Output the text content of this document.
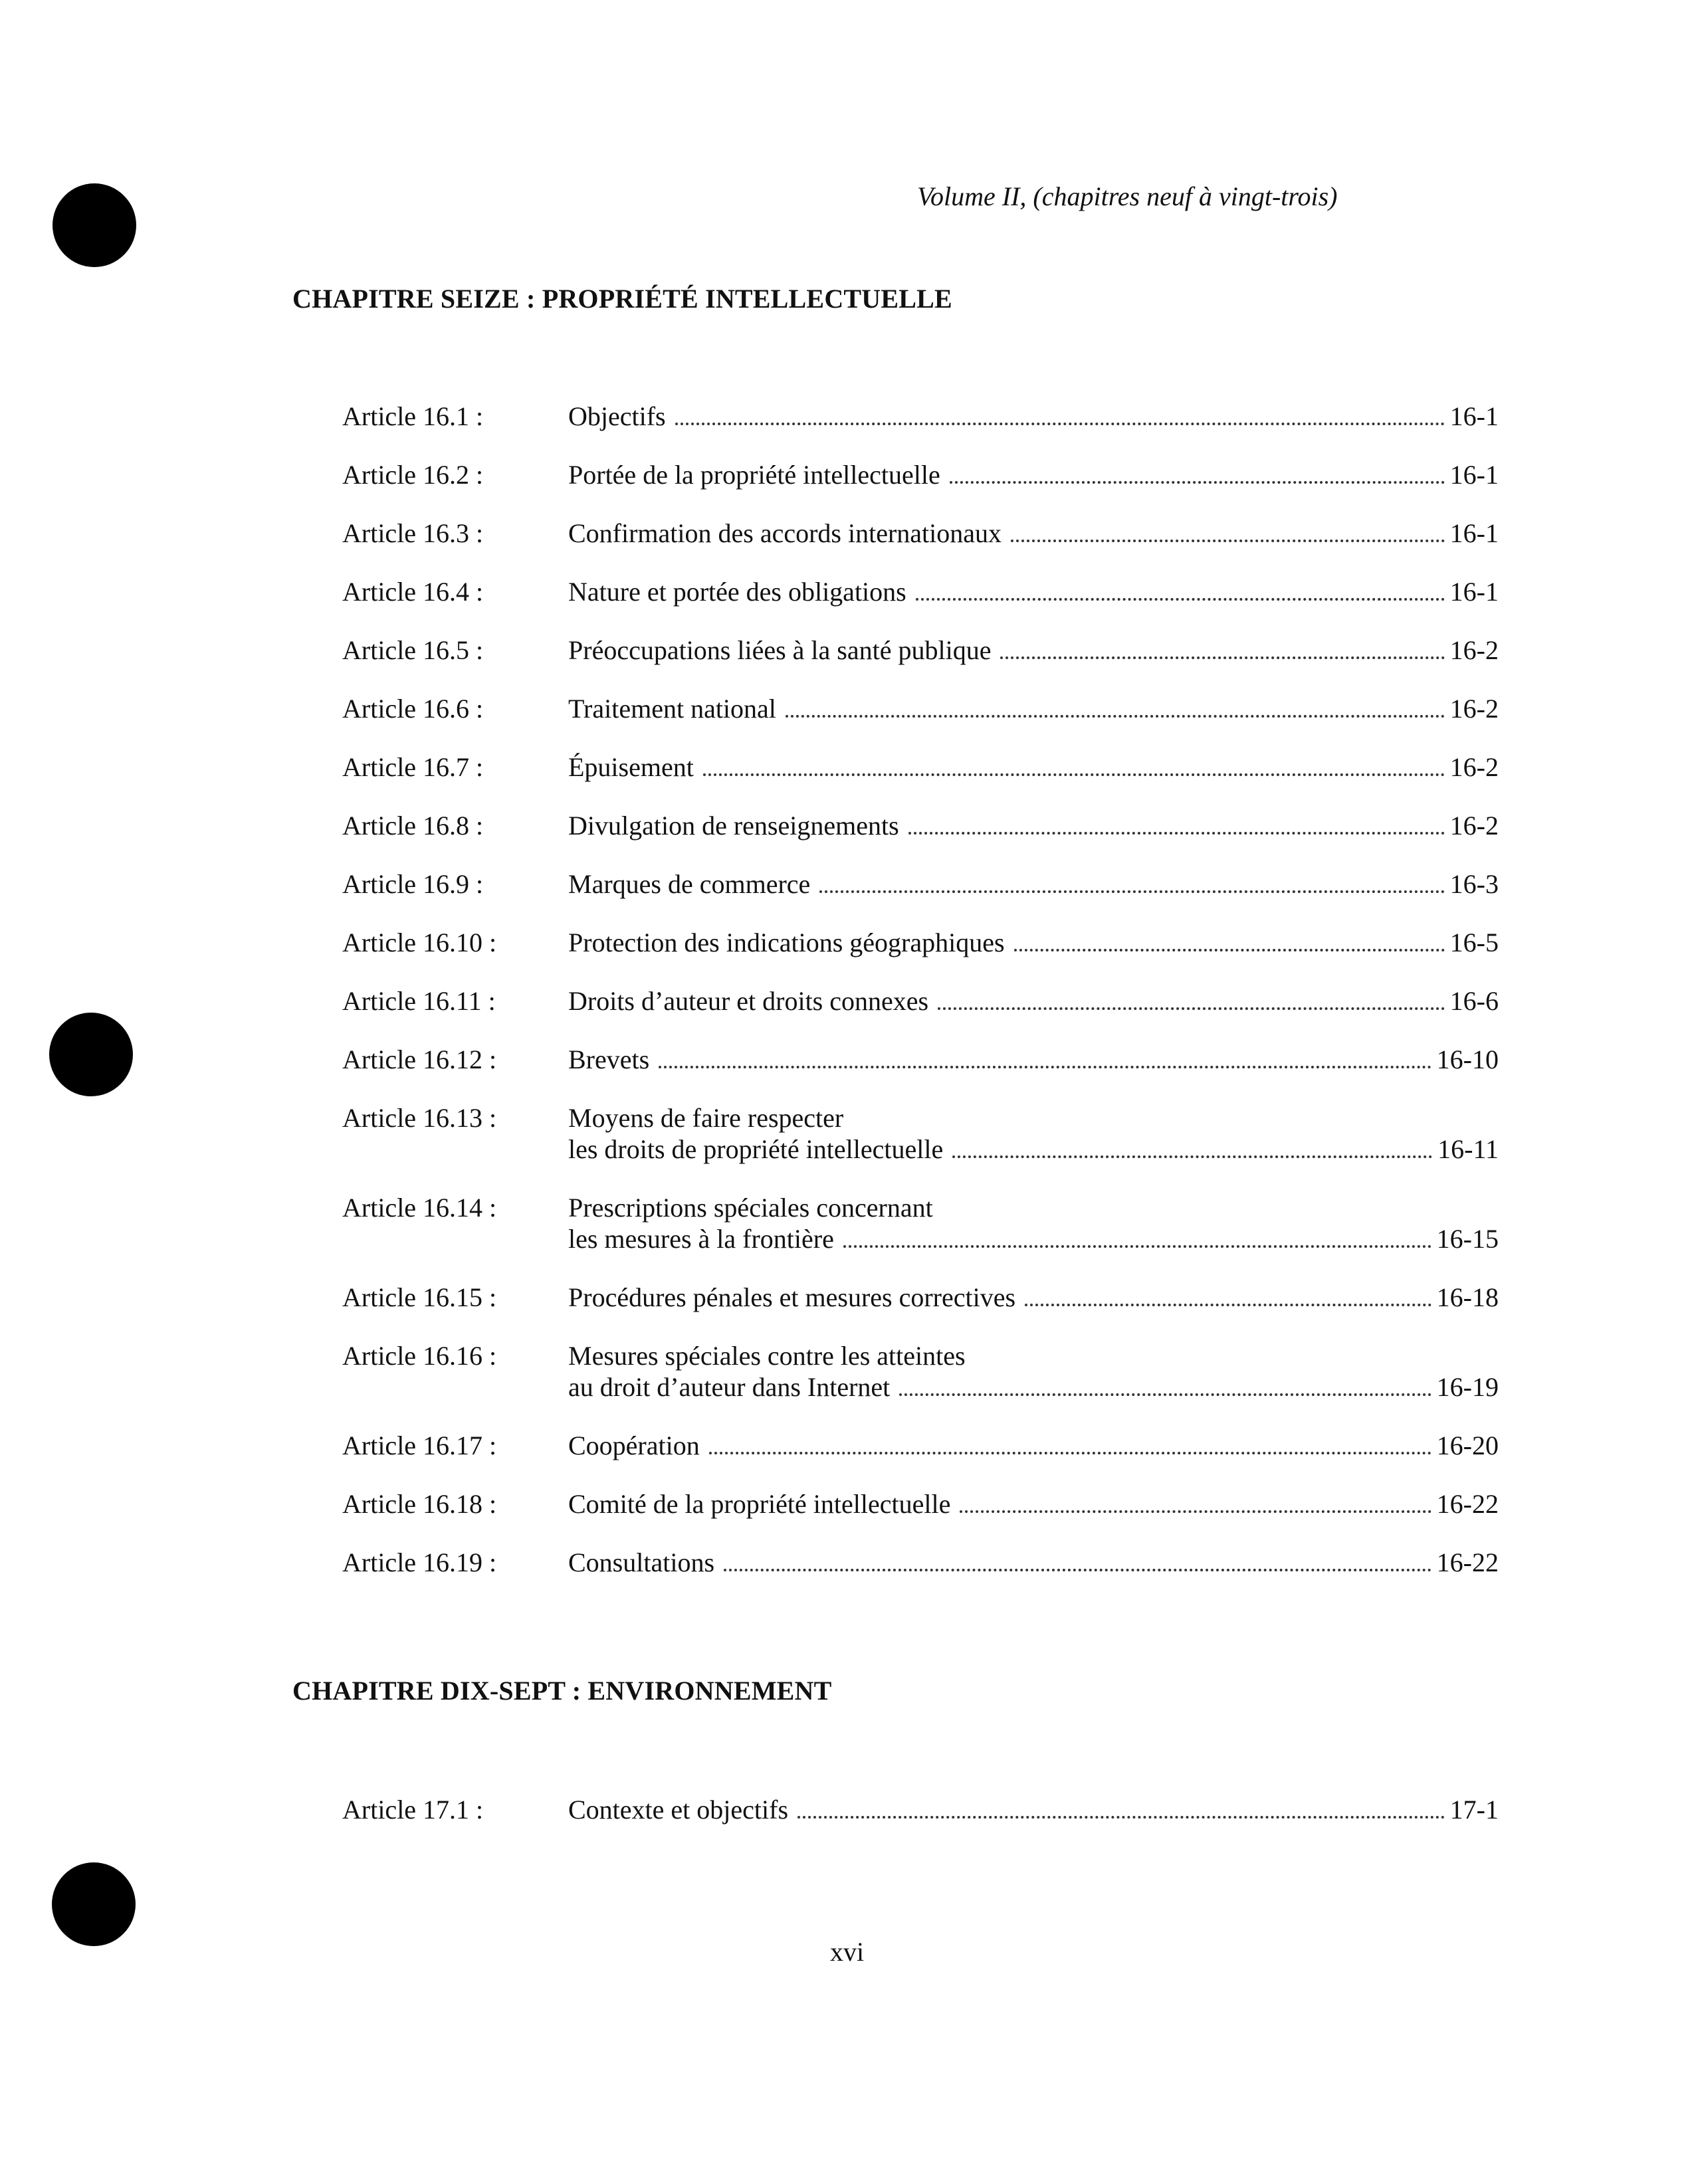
Volume II, (chapitres neuf à vingt-trois)
CHAPITRE SEIZE : PROPRIÉTÉ INTELLECTUELLE
Article 16.1 :	Objectifs	16-1
Article 16.2 :	Portée de la propriété intellectuelle	16-1
Article 16.3 :	Confirmation des accords internationaux	16-1
Article 16.4 :	Nature et portée des obligations	16-1
Article 16.5 :	Préoccupations liées à la santé publique	16-2
Article 16.6 :	Traitement national	16-2
Article 16.7 :	Épuisement	16-2
Article 16.8 :	Divulgation de renseignements	16-2
Article 16.9 :	Marques de commerce	16-3
Article 16.10 :	Protection des indications géographiques	16-5
Article 16.11 :	Droits d’auteur et droits connexes	16-6
Article 16.12 :	Brevets	16-10
Article 16.13 :	Moyens de faire respecter
les droits de propriété intellectuelle	16-11
Article 16.14 :	Prescriptions spéciales concernant
les mesures à la frontière	16-15
Article 16.15 :	Procédures pénales et mesures correctives	16-18
Article 16.16 :	Mesures spéciales contre les atteintes
au droit d’auteur dans Internet	16-19
Article 16.17 :	Coopération	16-20
Article 16.18 :	Comité de la propriété intellectuelle	16-22
Article 16.19 :	Consultations	16-22
CHAPITRE DIX-SEPT : ENVIRONNEMENT
Article 17.1 :	Contexte et objectifs	17-1
xvi
